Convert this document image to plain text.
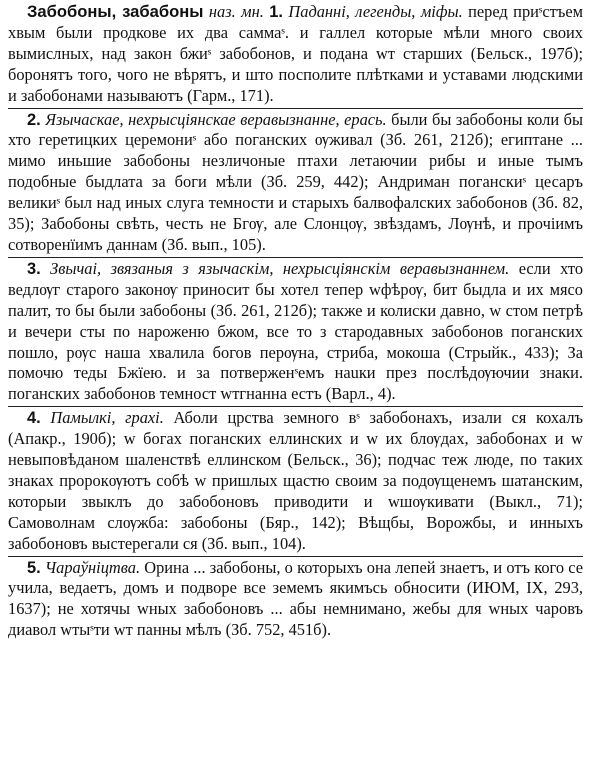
Забобоны, забабоны наз. мн. 1. Паданні, легенды, міфы. перед приˢстъем хвым были продкове их два саммаˢ. и галлел которые мѣли много своих вымислных, над закон бжиˢ забобонов, и подана wт старших (Бельск., 197б); боронятъ того, чого не вѣрятъ, и што посполите плѣтками и уставами людскими и забобонами называютъ (Гарм., 171).

2. Язычаскае, нехрысціянскае веравызнанне, ерась. были бы забобоны коли бы хто геретицких церемониˢ або поганских ѹживал (Зб. 261, 212б); египтане ... мимо иньшие забобоны незличоные птахи летаючии рибы и иные тымъ подобные быдлата за боги мѣли (Зб. 259, 442); Андриман поганскиˢ цесаръ великиˢ был над иных слуга темности и старыхъ балвофалских забобонов (Зб. 82, 35); Забобоны свѣть, честь не Бгѹ, але Слонцѹ, звѣздамъ, Лѹнѣ, и прочіимъ сотворенїимъ даннам (Зб. вып., 105).

3. Звычаі, звязаныя з язычаскім, нехрысціянскім веравызнаннем. если хто ведлѹг старого законѹ приносит бы хотел тепер wфѣрѹ, бит быдла и их мясо палит, то бы были забобоны (Зб. 261, 212б); также и колиски давно, w стом петрѣ и вечери сты по нароженю бжом, все то з стародавных забобонов поганских пошло, рѹс наша хвалила богов перѹна, стриба, мокоша (Стрыйк., 433); За помочю теды Бжїею. и за потверженˢемъ наuки през послѣдѹючии знаки. поганских забобонов темност wтгнанна естъ (Варл., 4).

4. Памылкі, грахі. Аболи црства земного вˢ забобонахъ, изали ся кохалъ (Апакр., 190б); w богах поганских еллинских и w их блѹдах, забобонах и w невыповѣданом шаленствѣ еллинском (Бельск., 36); подчас теж люде, по таких знаках пророкѹютъ собѣ w пришлых щастю своим за подѹщенемъ шатанским, которыи звыклъ до забобоновъ приводити и wшѹкивати (Выкл., 71); Самоволнам слѹжба: забобоны (Бяр., 142); Вѣщбы, Ворожбы, и инныхъ забобоновъ выстерегали ся (Зб. вып., 104).

5. Чараўніцтва. Орина ... забобоны, о которыхъ она лепей знаетъ, и отъ кого се учила, ведаетъ, домъ и подворе все земемъ якимъсь обносити (ИЮМ, IX, 293, 1637); не хотячы wных забобоновъ ... абы немнимано, жебы для wных чаровъ диавол wтыˢти wт панны мѣлъ (Зб. 752, 451б).
